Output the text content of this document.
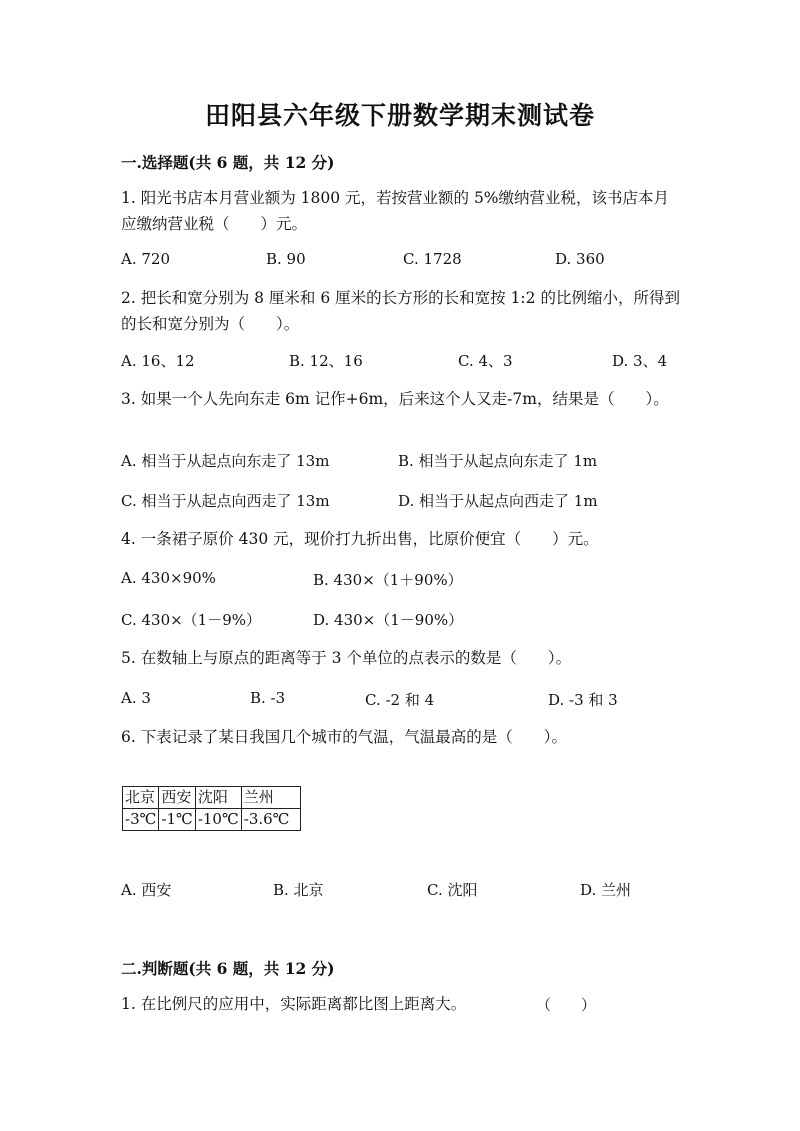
田阳县六年级下册数学期末测试卷
一.选择题(共 6 题，共 12 分)
1. 阳光书店本月营业额为 1800 元，若按营业额的 5%缴纳营业税，该书店本月应缴纳营业税（　　）元。
A. 720	B. 90	C. 1728	D. 360
2. 把长和宽分别为 8 厘米和 6 厘米的长方形的长和宽按 1:2 的比例缩小，所得到的长和宽分别为（　　）。
A. 16、12	B. 12、16	C. 4、3	D. 3、4
3. 如果一个人先向东走 6m 记作+6m，后来这个人又走-7m，结果是（　　）。
A. 相当于从起点向东走了 13m	B. 相当于从起点向东走了 1m
C. 相当于从起点向西走了 13m	D. 相当于从起点向西走了 1m
4. 一条裙子原价 430 元，现价打九折出售，比原价便宜（　　）元。
A. 430×90%	B. 430×（1＋90%）
C. 430×（1－9%）	D. 430×（1－90%）
5. 在数轴上与原点的距离等于 3 个单位的点表示的数是（　　）。
A. 3	B. -3	C. -2 和 4	D. -3 和 3
6. 下表记录了某日我国几个城市的气温，气温最高的是（　　）。
北京	西安	沈阳	兰州
-3℃	-1℃	-10℃	-3.6℃
A. 西安	B. 北京	C. 沈阳	D. 兰州
二.判断题(共 6 题，共 12 分)
1. 在比例尺的应用中，实际距离都比图上距离大。	（　　）
